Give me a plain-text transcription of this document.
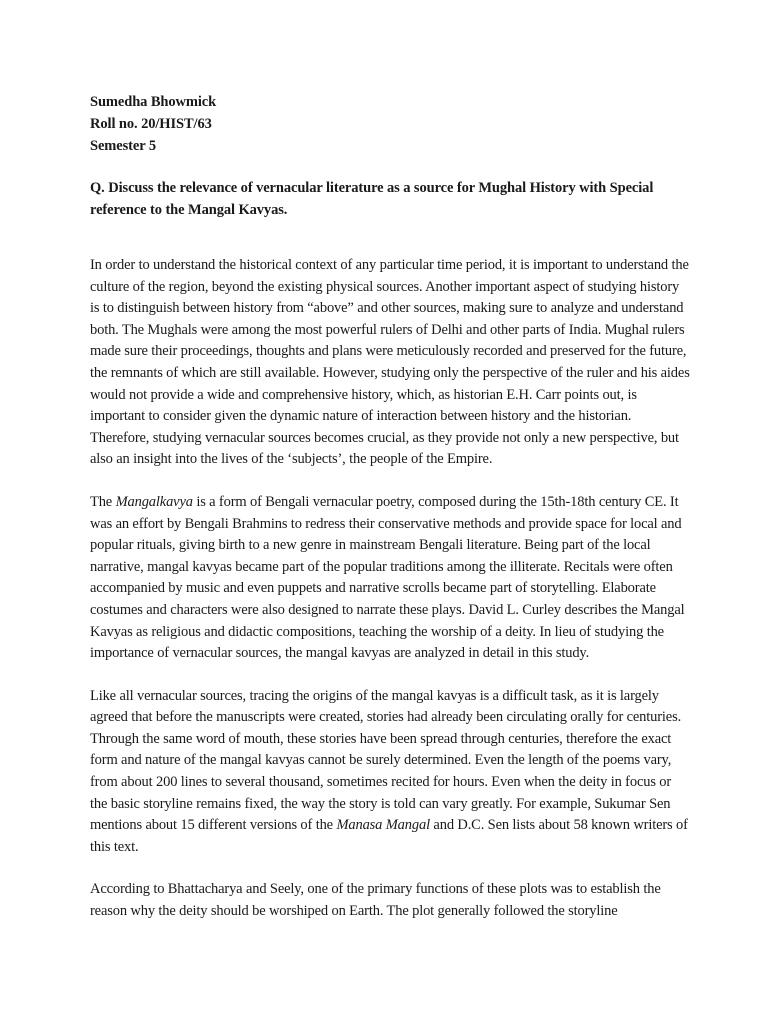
Sumedha Bhowmick
Roll no. 20/HIST/63
Semester 5
Q. Discuss the relevance of vernacular literature as a source for Mughal History with Special reference to the Mangal Kavyas.

In order to understand the historical context of any particular time period, it is important to understand the culture of the region, beyond the existing physical sources. Another important aspect of studying history is to distinguish between history from “above” and other sources, making sure to analyze and understand both. The Mughals were among the most powerful rulers of Delhi and other parts of India. Mughal rulers made sure their proceedings, thoughts and plans were meticulously recorded and preserved for the future, the remnants of which are still available. However, studying only the perspective of the ruler and his aides would not provide a wide and comprehensive history, which, as historian E.H. Carr points out, is important to consider given the dynamic nature of interaction between history and the historian. Therefore, studying vernacular sources becomes crucial, as they provide not only a new perspective, but also an insight into the lives of the ‘subjects’, the people of the Empire.

The Mangalkavya is a form of Bengali vernacular poetry, composed during the 15th-18th century CE. It was an effort by Bengali Brahmins to redress their conservative methods and provide space for local and popular rituals, giving birth to a new genre in mainstream Bengali literature. Being part of the local narrative, mangal kavyas became part of the popular traditions among the illiterate. Recitals were often accompanied by music and even puppets and narrative scrolls became part of storytelling. Elaborate costumes and characters were also designed to narrate these plays. David L. Curley describes the Mangal Kavyas as religious and didactic compositions, teaching the worship of a deity. In lieu of studying the importance of vernacular sources, the mangal kavyas are analyzed in detail in this study.

Like all vernacular sources, tracing the origins of the mangal kavyas is a difficult task, as it is largely agreed that before the manuscripts were created, stories had already been circulating orally for centuries. Through the same word of mouth, these stories have been spread through centuries, therefore the exact form and nature of the mangal kavyas cannot be surely determined. Even the length of the poems vary, from about 200 lines to several thousand, sometimes recited for hours. Even when the deity in focus or the basic storyline remains fixed, the way the story is told can vary greatly. For example, Sukumar Sen mentions about 15 different versions of the Manasa Mangal and D.C. Sen lists about 58 known writers of this text.

According to Bhattacharya and Seely, one of the primary functions of these plots was to establish the reason why the deity should be worshiped on Earth. The plot generally followed the storyline
